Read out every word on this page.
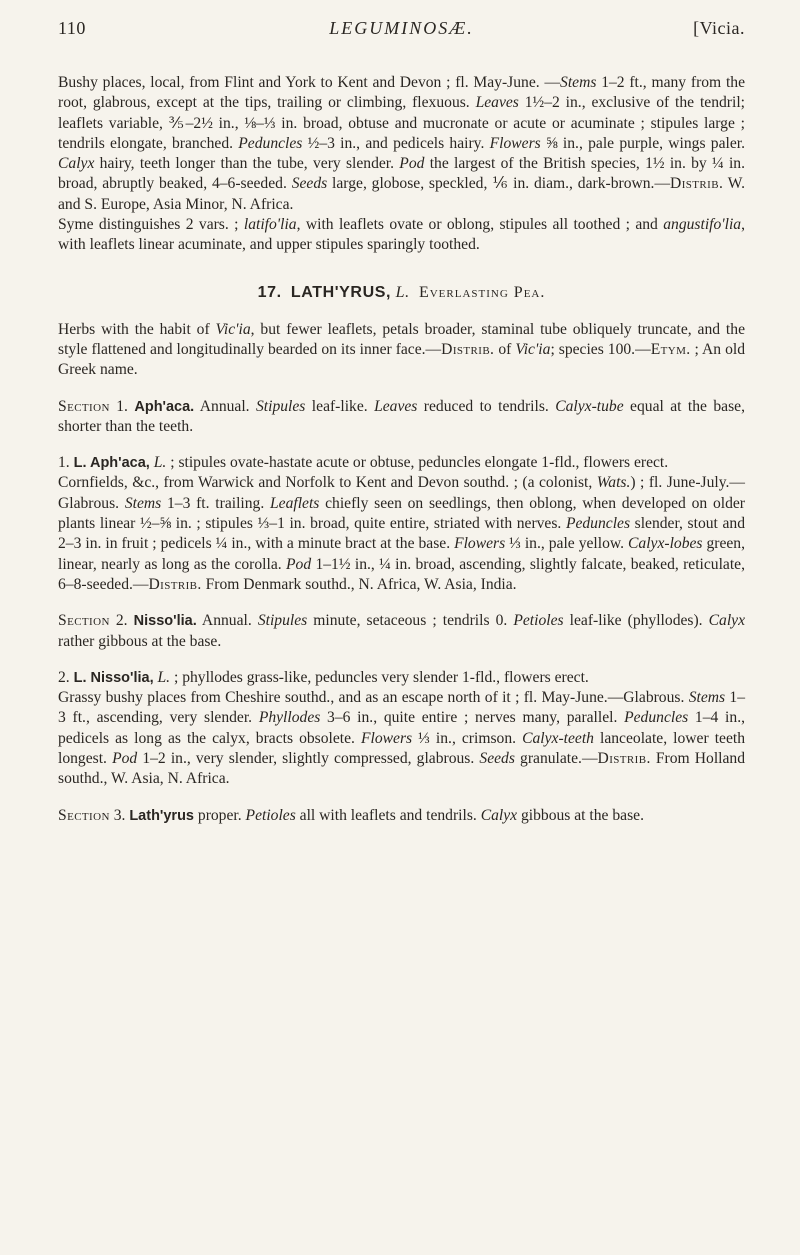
110	LEGUMINOSÆ.	[Vicia.

Bushy places, local, from Flint and York to Kent and Devon ; fl. May-June. —Stems 1–2 ft., many from the root, glabrous, except at the tips, trailing or climbing, flexuous. Leaves 1½–2 in., exclusive of the tendril; leaflets variable, ⅗–2½ in., ⅛–⅓ in. broad, obtuse and mucronate or acute or acuminate ; stipules large ; tendrils elongate, branched. Peduncles ½–3 in., and pedicels hairy. Flowers ⅝ in., pale purple, wings paler. Calyx hairy, teeth longer than the tube, very slender. Pod the largest of the British species, 1½ in. by ¼ in. broad, abruptly beaked, 4–6-seeded. Seeds large, globose, speckled, ⅙ in. diam., dark-brown.—Distrib. W. and S. Europe, Asia Minor, N. Africa.

Syme distinguishes 2 vars. ; latifo'lia, with leaflets ovate or oblong, stipules all toothed ; and angustifo'lia, with leaflets linear acuminate, and upper stipules sparingly toothed.

17. LATH'YRUS, L. Everlasting Pea.

Herbs with the habit of Vic'ia, but fewer leaflets, petals broader, staminal tube obliquely truncate, and the style flattened and longitudinally bearded on its inner face.—Distrib. of Vic'ia; species 100.—Etym. ; An old Greek name.

Section 1. Aph'aca. Annual. Stipules leaf-like. Leaves reduced to tendrils. Calyx-tube equal at the base, shorter than the teeth.

1. L. Aph'aca, L. ; stipules ovate-hastate acute or obtuse, peduncles elongate 1-fld., flowers erect.

Cornfields, &c., from Warwick and Norfolk to Kent and Devon southd. ; (a colonist, Wats.) ; fl. June-July.—Glabrous. Stems 1–3 ft. trailing. Leaflets chiefly seen on seedlings, then oblong, when developed on older plants linear ½–⅝ in. ; stipules ⅓–1 in. broad, quite entire, striated with nerves. Peduncles slender, stout and 2–3 in. in fruit ; pedicels ¼ in., with a minute bract at the base. Flowers ⅓ in., pale yellow. Calyx-lobes green, linear, nearly as long as the corolla. Pod 1–1½ in., ¼ in. broad, ascending, slightly falcate, beaked, reticulate, 6–8-seeded.—Distrib. From Denmark southd., N. Africa, W. Asia, India.

Section 2. Nisso'lia. Annual. Stipules minute, setaceous ; tendrils 0. Petioles leaf-like (phyllodes). Calyx rather gibbous at the base.

2. L. Nisso'lia, L. ; phyllodes grass-like, peduncles very slender 1-fld., flowers erect.

Grassy bushy places from Cheshire southd., and as an escape north of it ; fl. May-June.—Glabrous. Stems 1–3 ft., ascending, very slender. Phyllodes 3–6 in., quite entire ; nerves many, parallel. Peduncles 1–4 in., pedicels as long as the calyx, bracts obsolete. Flowers ⅓ in., crimson. Calyx-teeth lanceolate, lower teeth longest. Pod 1–2 in., very slender, slightly compressed, glabrous. Seeds granulate.—Distrib. From Holland southd., W. Asia, N. Africa.

Section 3. Lath'yrus proper. Petioles all with leaflets and tendrils. Calyx gibbous at the base.
